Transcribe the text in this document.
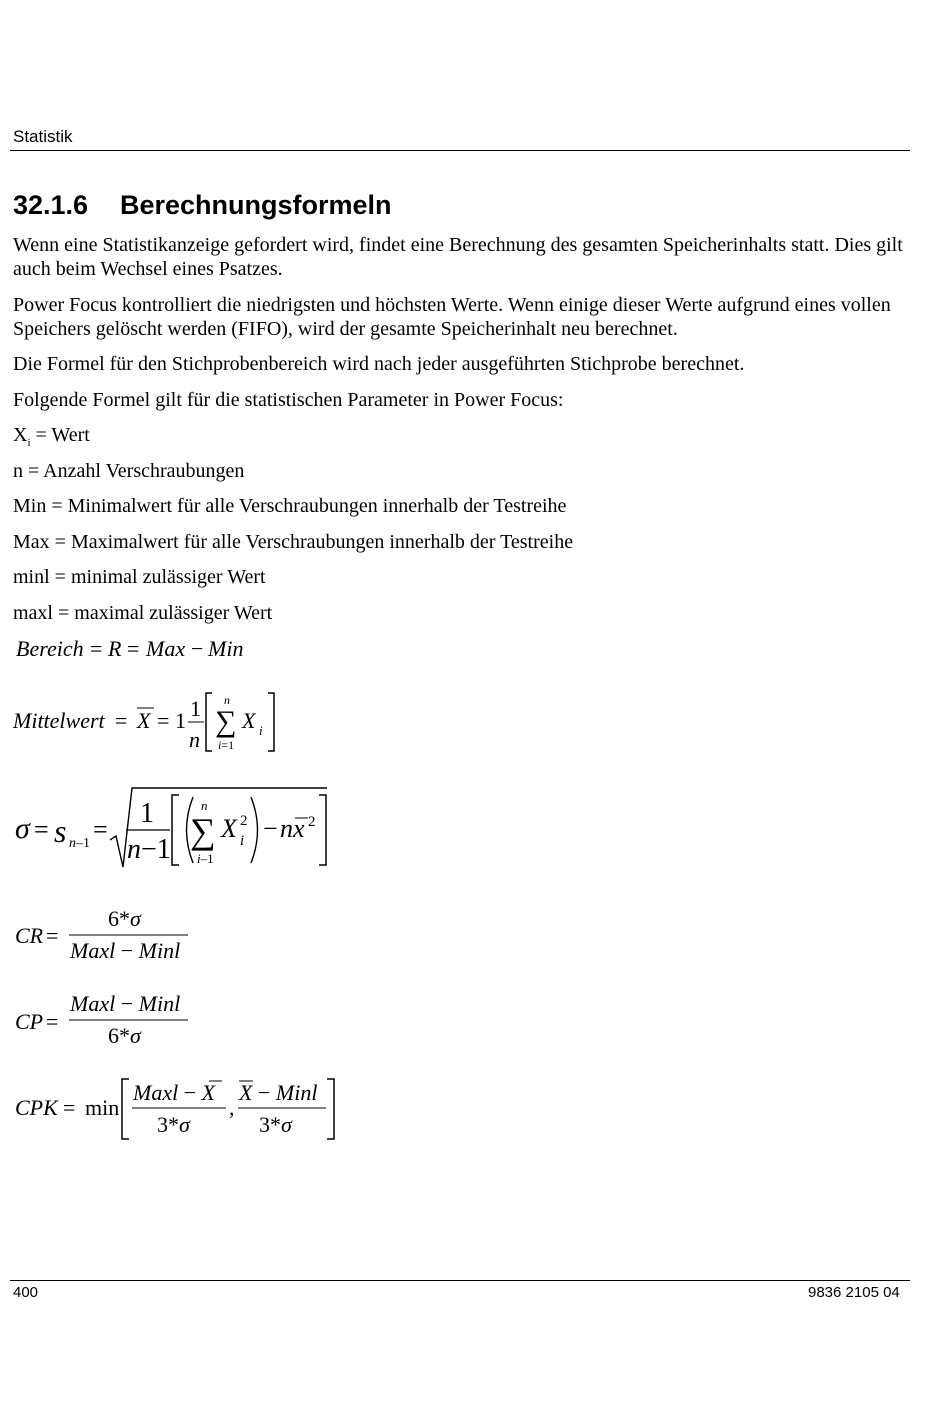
Statistik
32.1.6 Berechnungsformeln

Wenn eine Statistikanzeige gefordert wird, findet eine Berechnung des gesamten Speicherinhalts statt. Dies gilt auch beim Wechsel eines Psatzes.

Power Focus kontrolliert die niedrigsten und höchsten Werte. Wenn einige dieser Werte aufgrund eines vollen Speichers gelöscht werden (FIFO), wird der gesamte Speicherinhalt neu berechnet.

Die Formel für den Stichprobenbereich wird nach jeder ausgeführten Stichprobe berechnet.

Folgende Formel gilt für die statistischen Parameter in Power Focus:

$X_i$ = Wert

n = Anzahl Verschraubungen

Min = Minimalwert für alle Verschraubungen innerhalb der Testreihe

Max = Maximalwert für alle Verschraubungen innerhalb der Testreihe

minl = minimal zulässiger Wert

maxl = maximal zulässiger Wert

Bereich = R = Max − Min
Mittelwert = X = 1 1
n
n
∑
i=1
X i
σ = s n–1 =
1
n−1
n
∑
i–1
X 2
i − nx 2
CR =
6*σ
Maxl − Minl
CP =
Maxl − Minl
6*σ
CPK = min
Maxl − X
3*σ
,
X − Minl
3*σ
400	9836 2105 04
